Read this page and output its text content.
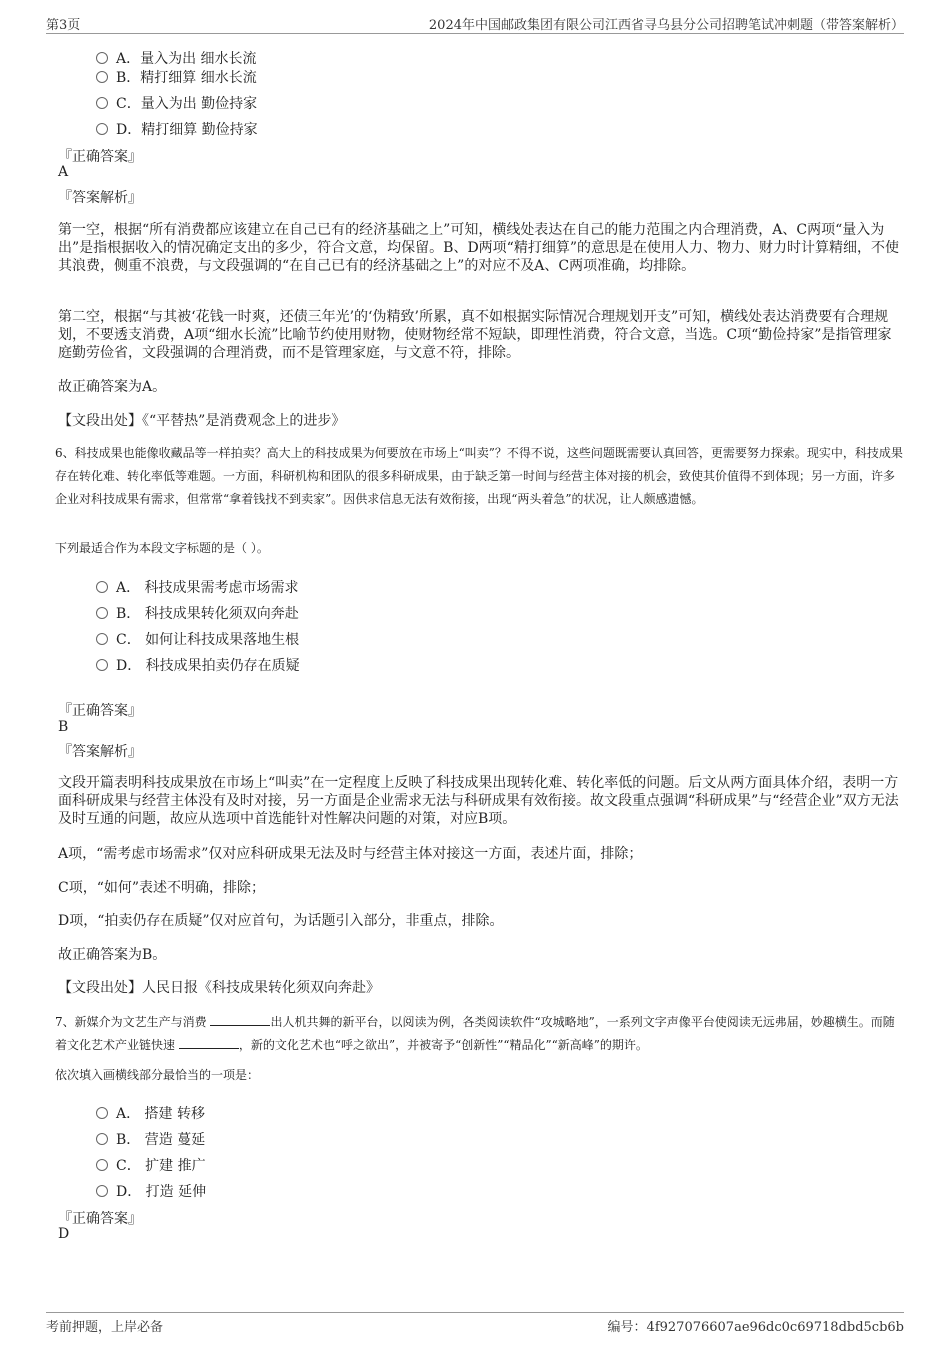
第3页	2024年中国邮政集团有限公司江西省寻乌县分公司招聘笔试冲刺题（带答案解析）
A．量入为出 细水长流
B．精打细算 细水长流
C．量入为出 勤俭持家
D．精打细算 勤俭持家
『正确答案』
A
『答案解析』
第一空，根据“所有消费都应该建立在自己已有的经济基础之上”可知，横线处表达在自己的能力范围之内合理消费，A、C两项“量入为出”是指根据收入的情况确定支出的多少，符合文意，均保留。B、D两项“精打细算”的意思是在使用人力、物力、财力时计算精细，不使其浪费，侧重不浪费，与文段强调的“在自己已有的经济基础之上”的对应不及A、C两项准确，均排除。
第二空，根据“与其被‘花钱一时爽，还债三年光’的‘伪精致’所累，真不如根据实际情况合理规划开支”可知，横线处表达消费要有合理规划，不要透支消费，A项“细水长流”比喻节约使用财物，使财物经常不短缺，即理性消费，符合文意，当选。C项“勤俭持家”是指管理家庭勤劳俭省，文段强调的合理消费，而不是管理家庭，与文意不符，排除。
故正确答案为A。
【文段出处】《“平替热”是消费观念上的进步》
6、科技成果也能像收藏品等一样拍卖？高大上的科技成果为何要放在市场上“叫卖”？不得不说，这些问题既需要认真回答，更需要努力探索。现实中，科技成果存在转化难、转化率低等难题。一方面，科研机构和团队的很多科研成果，由于缺乏第一时间与经营主体对接的机会，致使其价值得不到体现；另一方面，许多企业对科技成果有需求，但常常“拿着钱找不到卖家”。因供求信息无法有效衔接，出现“两头着急”的状况，让人颇感遗憾。
下列最适合作为本段文字标题的是（ ）。
A． 科技成果需考虑市场需求
B． 科技成果转化须双向奔赴
C． 如何让科技成果落地生根
D． 科技成果拍卖仍存在质疑
『正确答案』
B
『答案解析』
文段开篇表明科技成果放在市场上“叫卖”在一定程度上反映了科技成果出现转化难、转化率低的问题。后文从两方面具体介绍，表明一方面科研成果与经营主体没有及时对接，另一方面是企业需求无法与科研成果有效衔接。故文段重点强调“科研成果”与“经营企业”双方无法及时互通的问题，故应从选项中首选能针对性解决问题的对策，对应B项。
A项，“需考虑市场需求”仅对应科研成果无法及时与经营主体对接这一方面，表述片面，排除；
C项，“如何”表述不明确，排除；
D项，“拍卖仍存在质疑”仅对应首句，为话题引入部分，非重点，排除。
故正确答案为B。
【文段出处】人民日报《科技成果转化须双向奔赴》
7、新媒介为文艺生产与消费	出人机共舞的新平台，以阅读为例，各类阅读软件“攻城略地”，一系列文字声像平台使阅读无远弗届，妙趣横生。而随着文化艺术产业链快速	，新的文化艺术也“呼之欲出”，并被寄予“创新性”“精品化”“新高峰”的期许。
依次填入画横线部分最恰当的一项是：
A． 搭建 转移
B． 营造 蔓延
C． 扩建 推广
D． 打造 延伸
『正确答案』
D
考前押题，上岸必备	编号：4f927076607ae96dc0c69718dbd5cb6b
